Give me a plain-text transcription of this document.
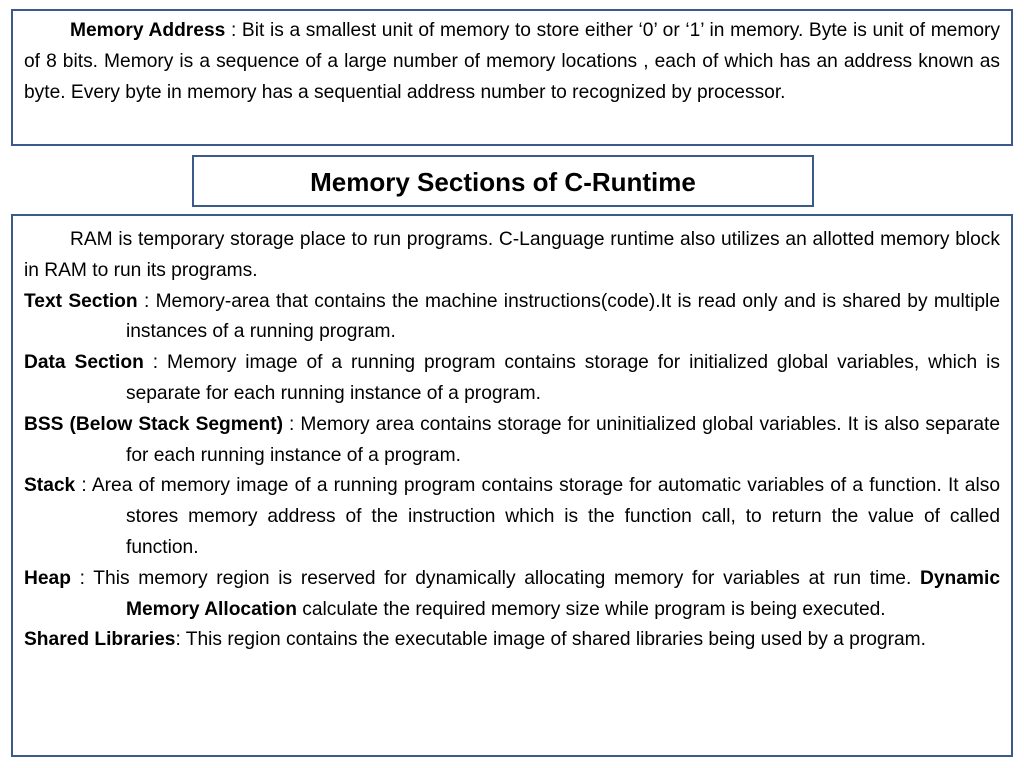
Memory Address : Bit is a smallest unit of memory to store either ‘0’ or ‘1’ in memory. Byte is unit of memory of 8 bits. Memory is a sequence of a large number of memory locations , each of which has an address known as byte. Every byte in memory has a sequential address number to recognized by processor.

Memory Sections of C-Runtime

RAM is temporary storage place to run programs. C-Language runtime also utilizes an allotted memory block in RAM to run its programs.

Text Section : Memory-area that contains the machine instructions(code).It is read only and is shared by multiple instances of a running program.

Data Section : Memory image of a running program contains storage for initialized global variables, which is separate for each running instance of a program.

BSS (Below Stack Segment) : Memory area contains storage for uninitialized global variables. It is also separate for each running instance of a program.

Stack : Area of memory image of a running program contains storage for automatic variables of a function. It also stores memory address of the instruction which is the function call, to return the value of called function.

Heap : This memory region is reserved for dynamically allocating memory for variables at run time. Dynamic Memory Allocation calculate the required memory size while program is being executed.

Shared Libraries: This region contains the executable image of shared libraries being used by a program.
